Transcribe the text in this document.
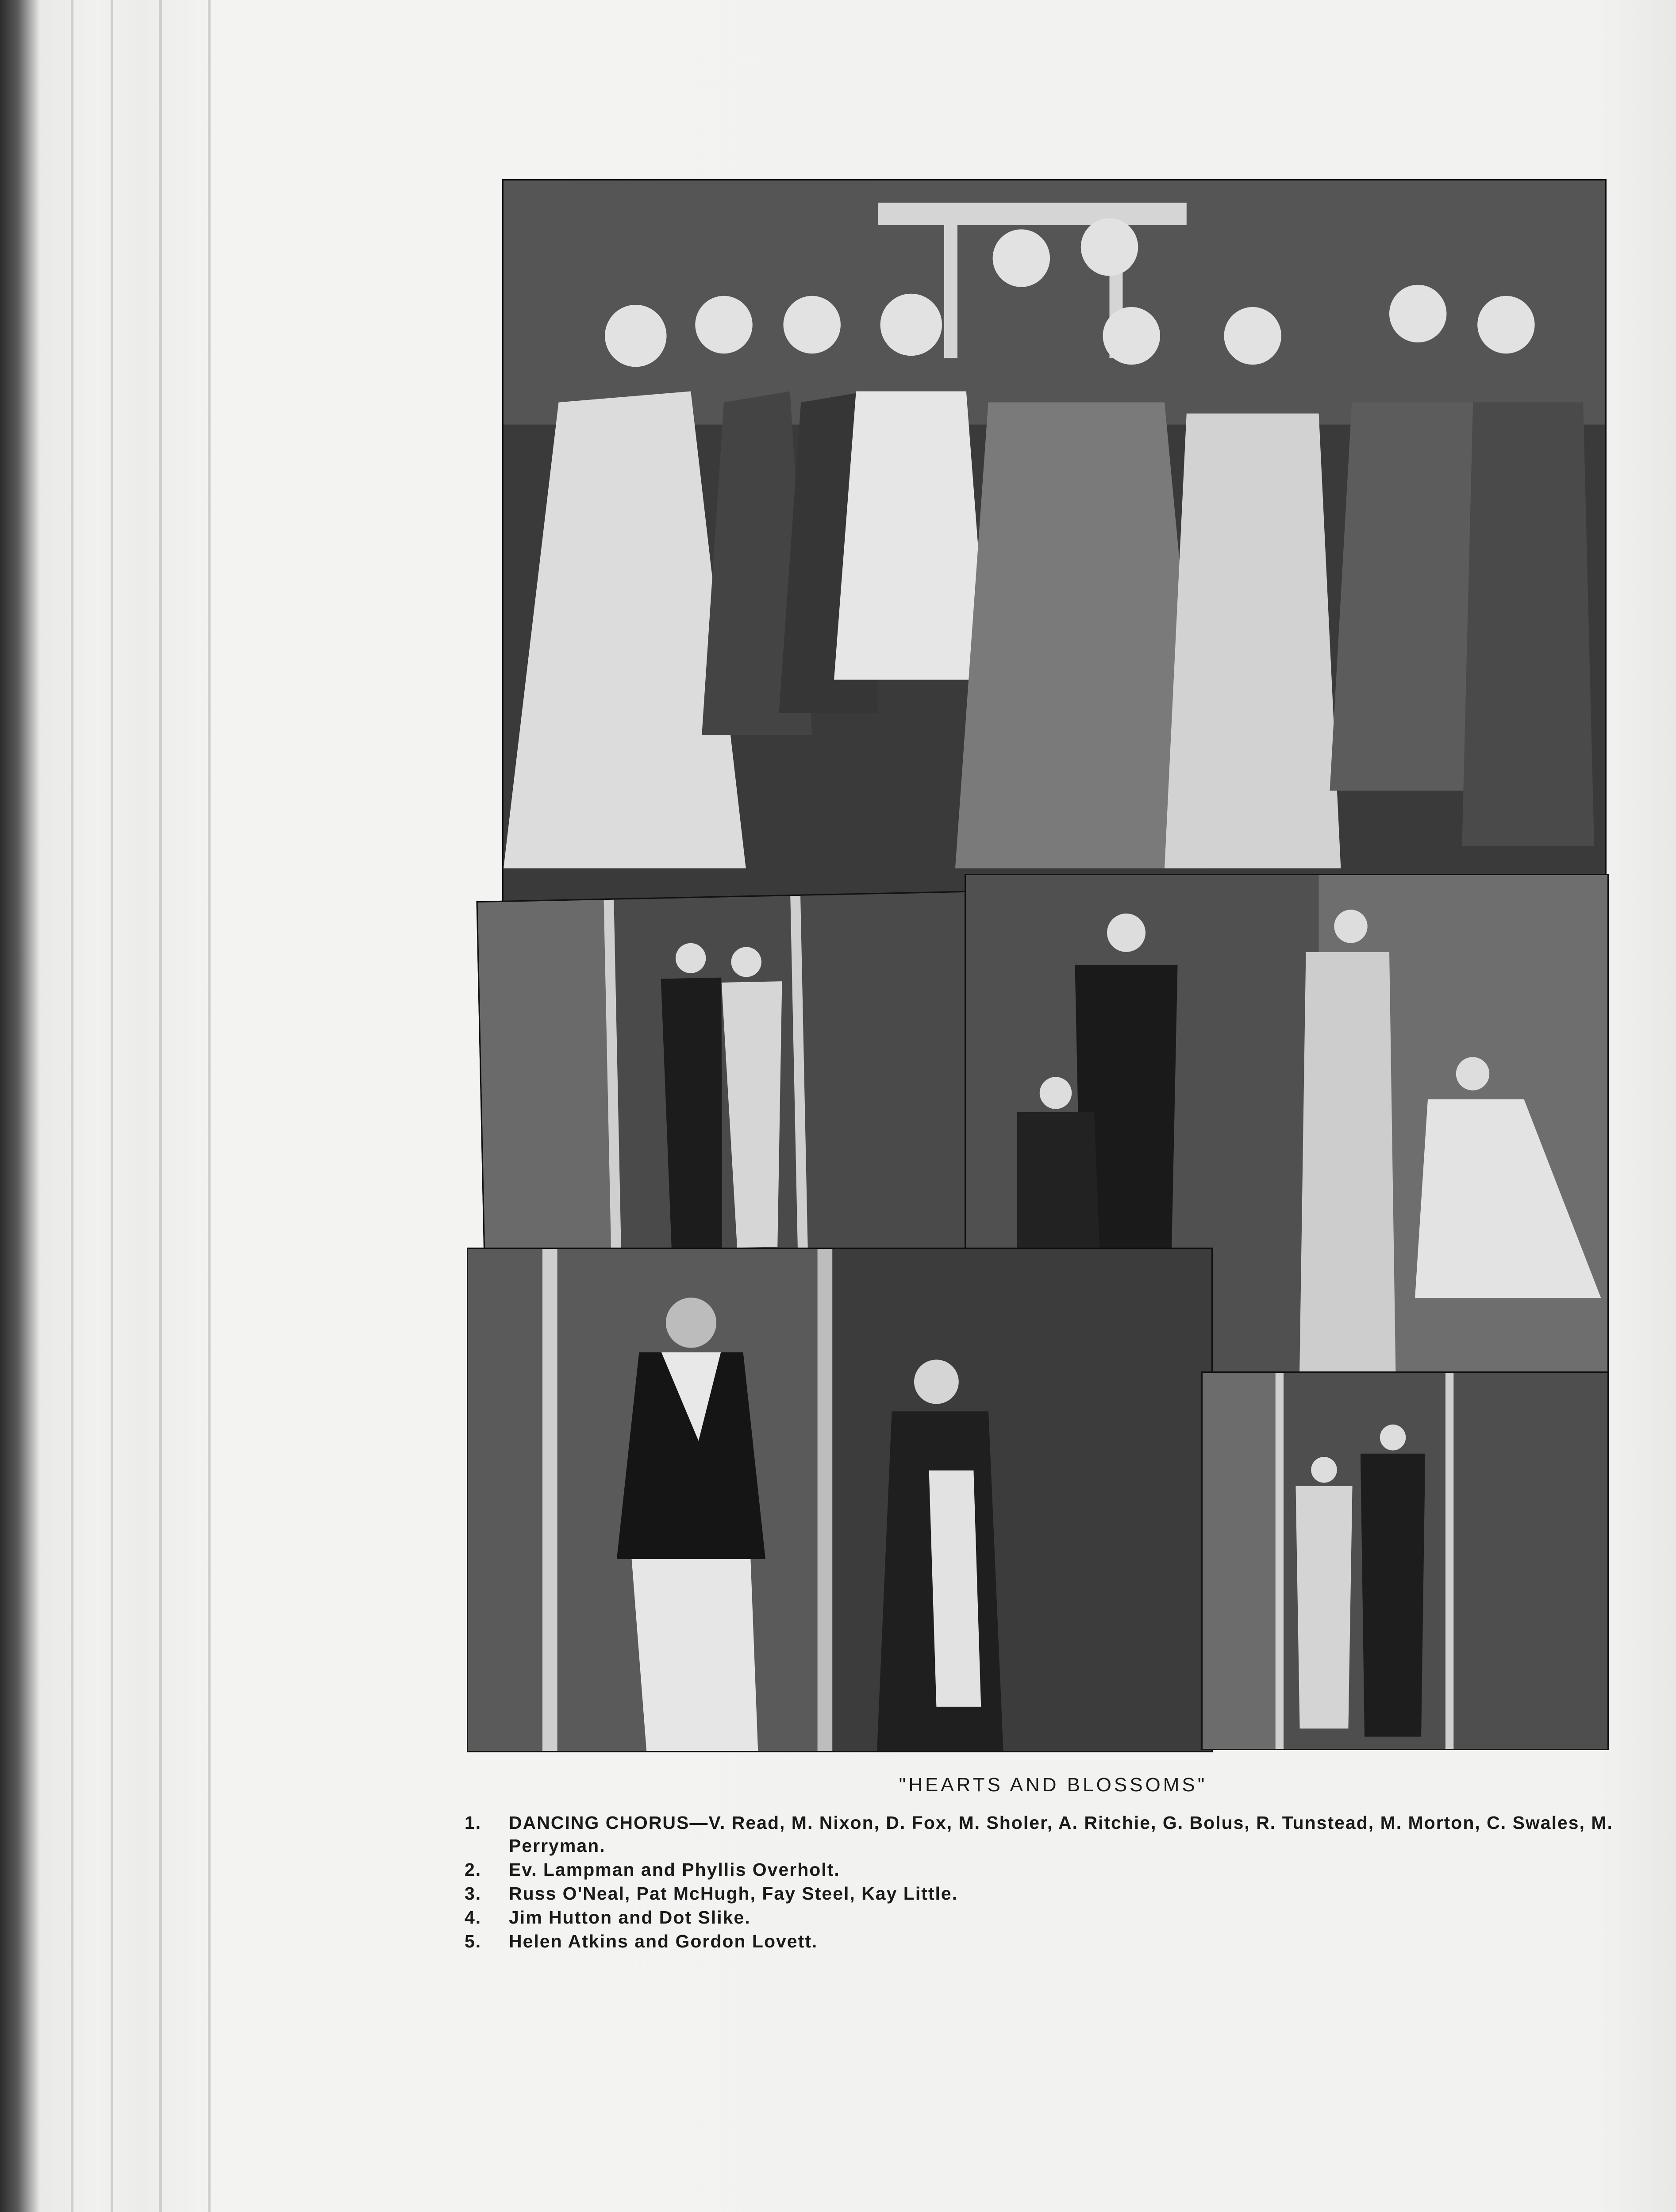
"HEARTS AND BLOSSOMS"
1.	DANCING CHORUS—V. Read, M. Nixon, D. Fox, M. Sholer, A. Ritchie, G. Bolus, R. Tunstead, M. Morton, C. Swales, M. Perryman.
2.	Ev. Lampman and Phyllis Overholt.
3.	Russ O'Neal, Pat McHugh, Fay Steel, Kay Little.
4.	Jim Hutton and Dot Slike.
5.	Helen Atkins and Gordon Lovett.
